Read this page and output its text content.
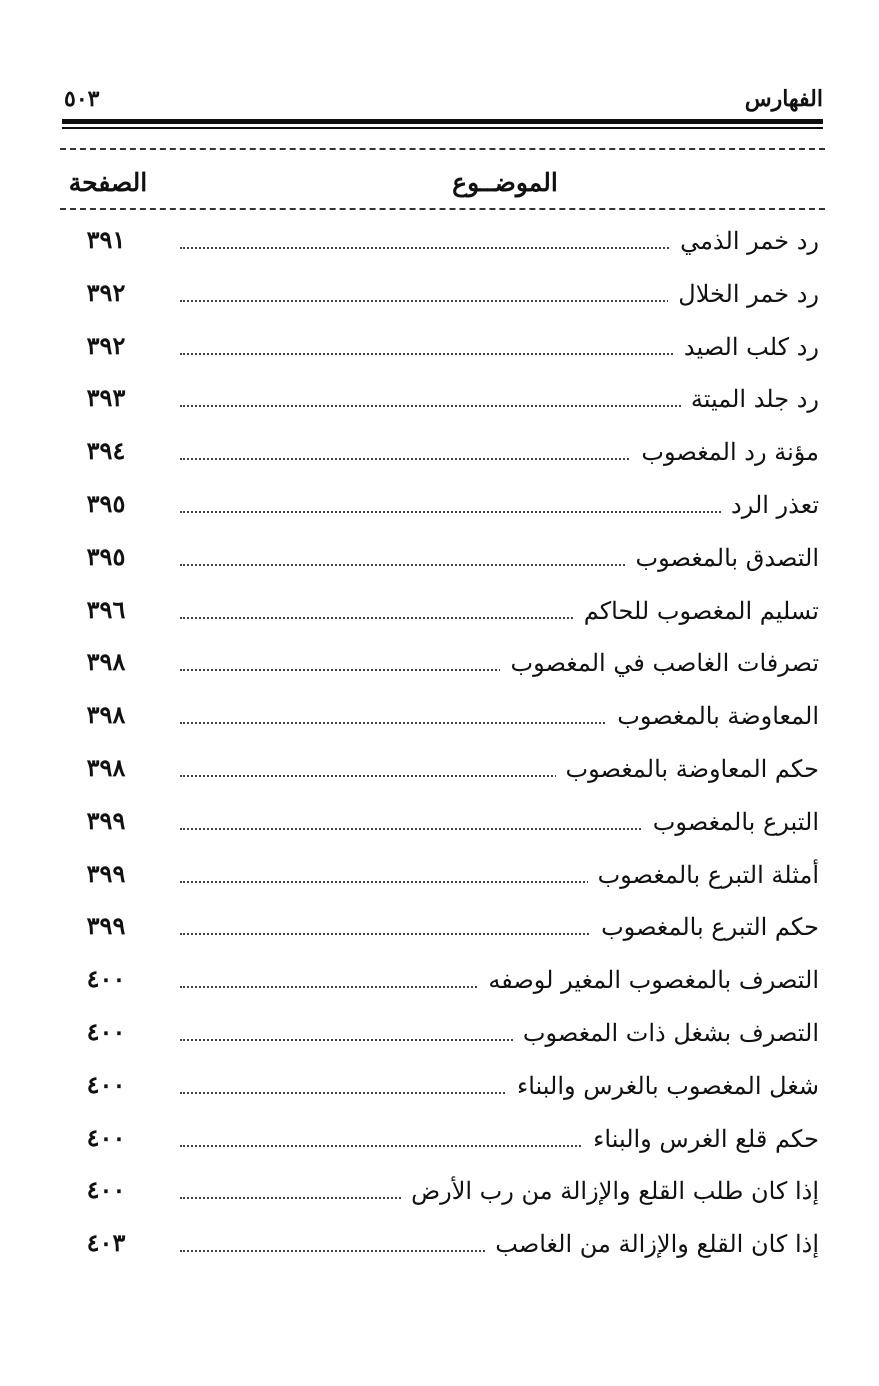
الفهارس
٥٠٣
الموضــوع
الصفحة
رد خمر الذمي
٣٩١
رد خمر الخلال
٣٩٢
رد كلب الصيد
٣٩٢
رد جلد الميتة
٣٩٣
مؤنة رد المغصوب
٣٩٤
تعذر الرد
٣٩٥
التصدق بالمغصوب
٣٩٥
تسليم المغصوب للحاكم
٣٩٦
تصرفات الغاصب في المغصوب
٣٩٨
المعاوضة بالمغصوب
٣٩٨
حكم المعاوضة بالمغصوب
٣٩٨
التبرع بالمغصوب
٣٩٩
أمثلة التبرع بالمغصوب
٣٩٩
حكم التبرع بالمغصوب
٣٩٩
التصرف بالمغصوب المغير لوصفه
٤٠٠
التصرف بشغل ذات المغصوب
٤٠٠
شغل المغصوب بالغرس والبناء
٤٠٠
حكم قلع الغرس والبناء
٤٠٠
إذا كان طلب القلع والإزالة من رب الأرض
٤٠٠
إذا كان القلع والإزالة من الغاصب
٤٠٣
